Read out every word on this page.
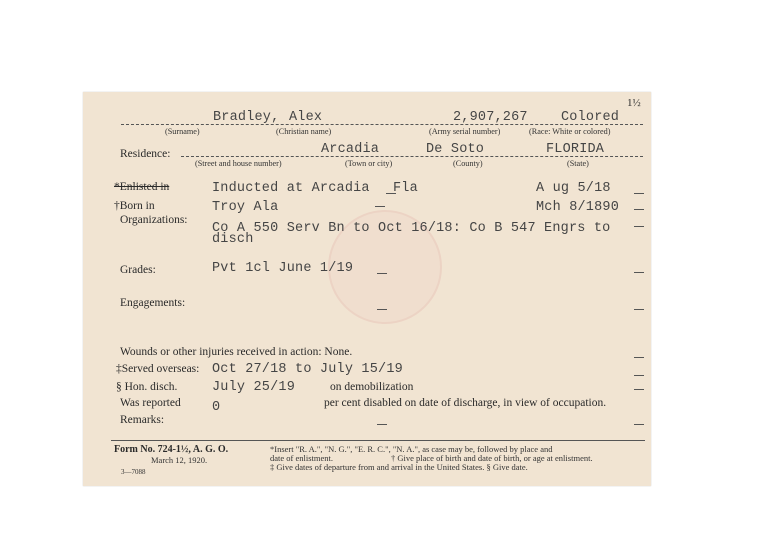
1½
Bradley, Alex	2,907,267 Colored
(Surname)	(Christian name)	(Army serial number)	(Race: White or colored)
Residence:	Arcadia	De Soto	FLORIDA
(Street and house number)	(Town or city)	(County)	(State)
*Enlisted in	Inducted at Arcadia Fla	A ug 5/18
†Born in	Troy Ala	Mch 8/1890
Organizations:
Co A 550 Serv Bn to Oct 16/18: Co B 547 Engrs to
disch
Grades:	Pvt 1cl June 1/19
Engagements:
Wounds or other injuries received in action: None.
‡Served overseas: Oct 27/18 to July 15/19
§ Hon. disch.	July 25/19	on demobilization
Was reported 0	per cent disabled on date of discharge, in view of occupation.
Remarks:
Form No. 724-1½, A. G. O.
March 12, 1920.
3—7088
*Insert "R. A.", "N. G.", "E. R. C.", "N. A.", as case may be, followed by place and
date of enlistment.	† Give place of birth and date of birth, or age at enlistment.
‡ Give dates of departure from and arrival in the United States. § Give date.
